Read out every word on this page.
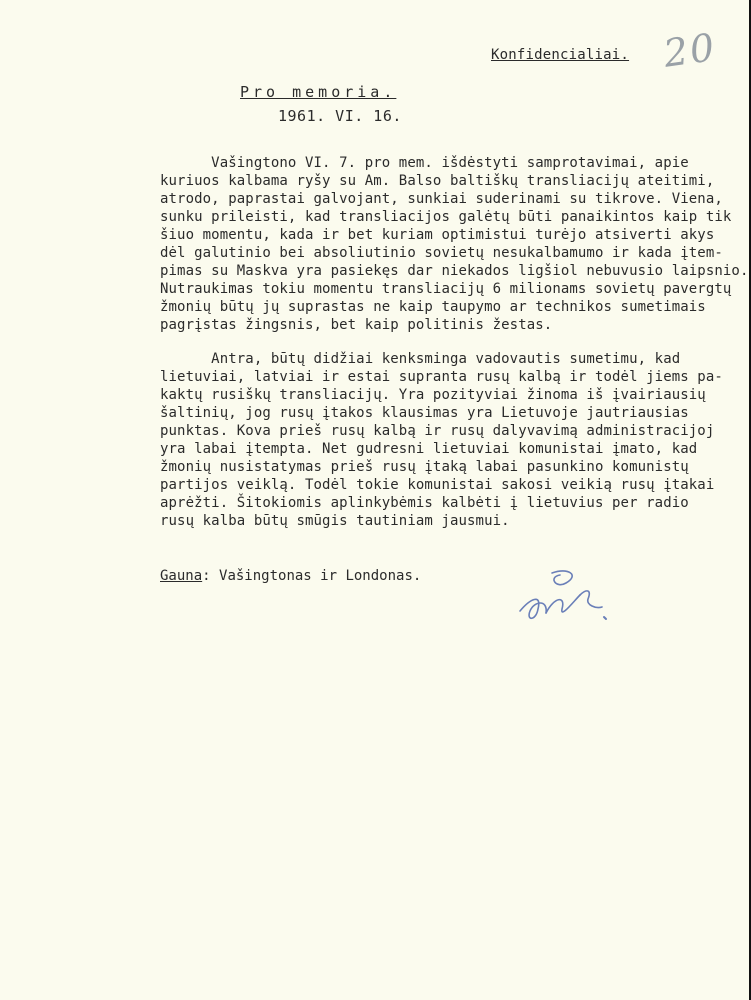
Konfidencialiai. 20
Pro memoria.
1961. VI. 16.
Vašingtono VI. 7. pro mem. išdėstyti samprotavimai, apie
kuriuos kalbama ryšy su Am. Balso baltiškų transliacijų ateitimi,
atrodo, paprastai galvojant, sunkiai suderinami su tikrove. Viena,
sunku prileisti, kad transliacijos galėtų būti panaikintos kaip tik
šiuo momentu, kada ir bet kuriam optimistui turėjo atsiverti akys
dėl galutinio bei absoliutinio sovietų nesukalbamumo ir kada įtem-
pimas su Maskva yra pasiekęs dar niekados ligšiol nebuvusio laipsnio.
Nutraukimas tokiu momentu transliacijų 6 milionams sovietų pavergtų
žmonių būtų jų suprastas ne kaip taupymo ar technikos sumetimais
pagrįstas žingsnis, bet kaip politinis žestas.
Antra, būtų didžiai kenksminga vadovautis sumetimu, kad
lietuviai, latviai ir estai supranta rusų kalbą ir todėl jiems pa-
kaktų rusiškų transliacijų. Yra pozityviai žinoma iš įvairiausių
šaltinių, jog rusų įtakos klausimas yra Lietuvoje jautriausias
punktas. Kova prieš rusų kalbą ir rusų dalyvavimą administracijoj
yra labai įtempta. Net gudresni lietuviai komunistai įmato, kad
žmonių nusistatymas prieš rusų įtaką labai pasunkino komunistų
partijos veiklą. Todėl tokie komunistai sakosi veikią rusų įtakai
aprėžti. Šitokiomis aplinkybėmis kalbėti į lietuvius per radio
rusų kalba būtų smūgis tautiniam jausmui.
Gauna: Vašingtonas ir Londonas.
